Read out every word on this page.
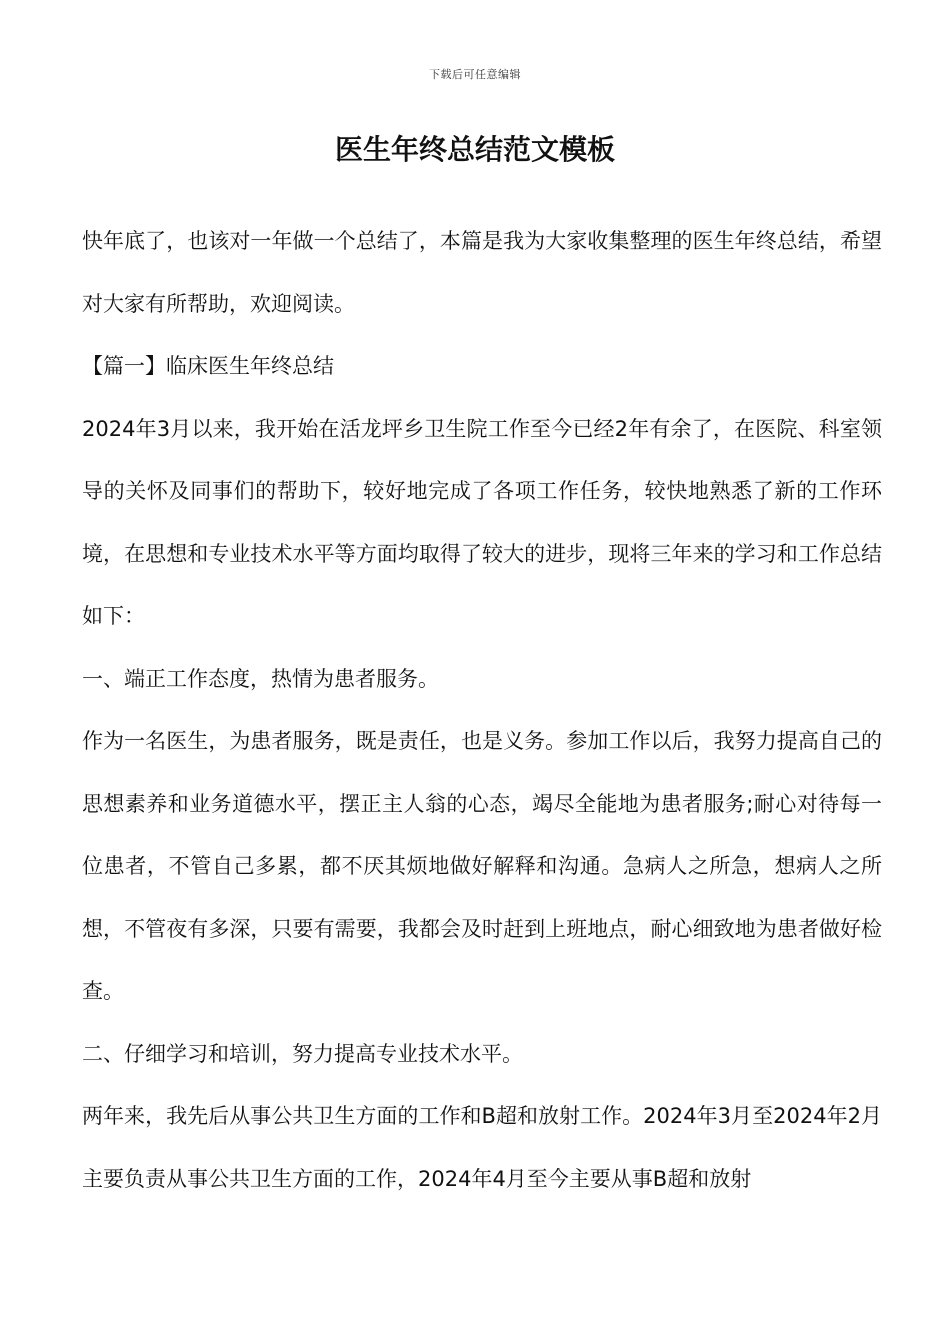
下载后可任意编辑
医生年终总结范文模板

快年底了，也该对一年做一个总结了，本篇是我为大家收集整理的医生年终总结，希望对大家有所帮助，欢迎阅读。

【篇一】临床医生年终总结

2024年3月以来，我开始在活龙坪乡卫生院工作至今已经2年有余了，在医院、科室领导的关怀及同事们的帮助下，较好地完成了各项工作任务，较快地熟悉了新的工作环境，在思想和专业技术水平等方面均取得了较大的进步，现将三年来的学习和工作总结如下：

一、端正工作态度，热情为患者服务。

作为一名医生，为患者服务，既是责任，也是义务。参加工作以后，我努力提高自己的思想素养和业务道德水平，摆正主人翁的心态，竭尽全能地为患者服务;耐心对待每一位患者，不管自己多累，都不厌其烦地做好解释和沟通。急病人之所急，想病人之所想，不管夜有多深，只要有需要，我都会及时赶到上班地点，耐心细致地为患者做好检查。

二、仔细学习和培训，努力提高专业技术水平。

两年来，我先后从事公共卫生方面的工作和B超和放射工作。2024年3月至2024年2月主要负责从事公共卫生方面的工作，2024年4月至今主要从事B超和放射
